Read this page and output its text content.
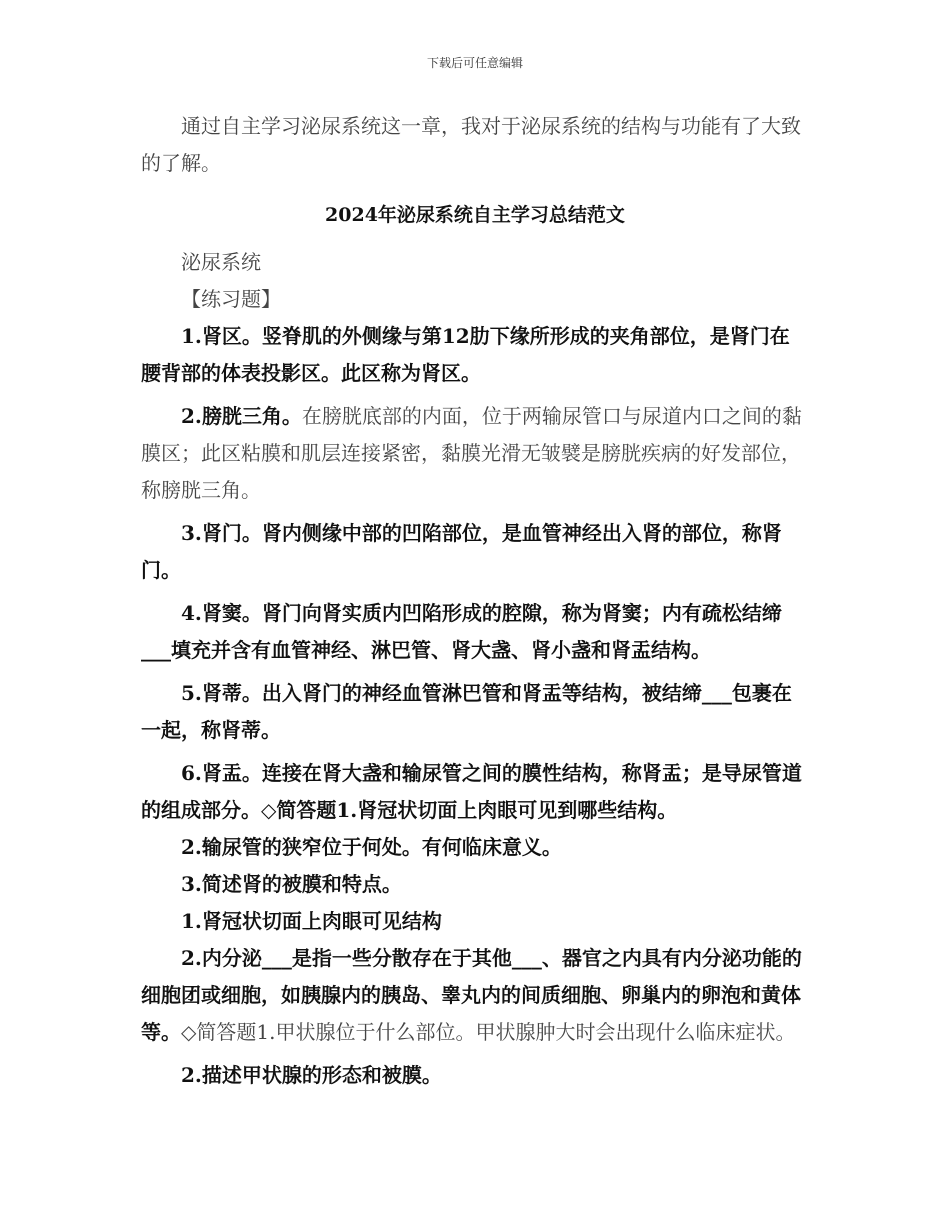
下载后可任意编辑

通过自主学习泌尿系统这一章，我对于泌尿系统的结构与功能有了大致的了解。

2024年泌尿系统自主学习总结范文

泌尿系统

【练习题】

1.肾区。竖脊肌的外侧缘与第12肋下缘所形成的夹角部位，是肾门在腰背部的体表投影区。此区称为肾区。

2.膀胱三角。在膀胱底部的内面，位于两输尿管口与尿道内口之间的黏膜区；此区粘膜和肌层连接紧密，黏膜光滑无皱襞是膀胱疾病的好发部位，称膀胱三角。

3.肾门。肾内侧缘中部的凹陷部位，是血管神经出入肾的部位，称肾门。

4.肾窦。肾门向肾实质内凹陷形成的腔隙，称为肾窦；内有疏松结缔___填充并含有血管神经、淋巴管、肾大盏、肾小盏和肾盂结构。

5.肾蒂。出入肾门的神经血管淋巴管和肾盂等结构，被结缔___包裹在一起，称肾蒂。

6.肾盂。连接在肾大盏和输尿管之间的膜性结构，称肾盂；是导尿管道的组成部分。◇简答题1.肾冠状切面上肉眼可见到哪些结构。

2.输尿管的狭窄位于何处。有何临床意义。

3.简述肾的被膜和特点。

1.肾冠状切面上肉眼可见结构

2.内分泌___是指一些分散存在于其他___、器官之内具有内分泌功能的细胞团或细胞，如胰腺内的胰岛、睾丸内的间质细胞、卵巢内的卵泡和黄体等。◇简答题1.甲状腺位于什么部位。甲状腺肿大时会出现什么临床症状。

2.描述甲状腺的形态和被膜。
